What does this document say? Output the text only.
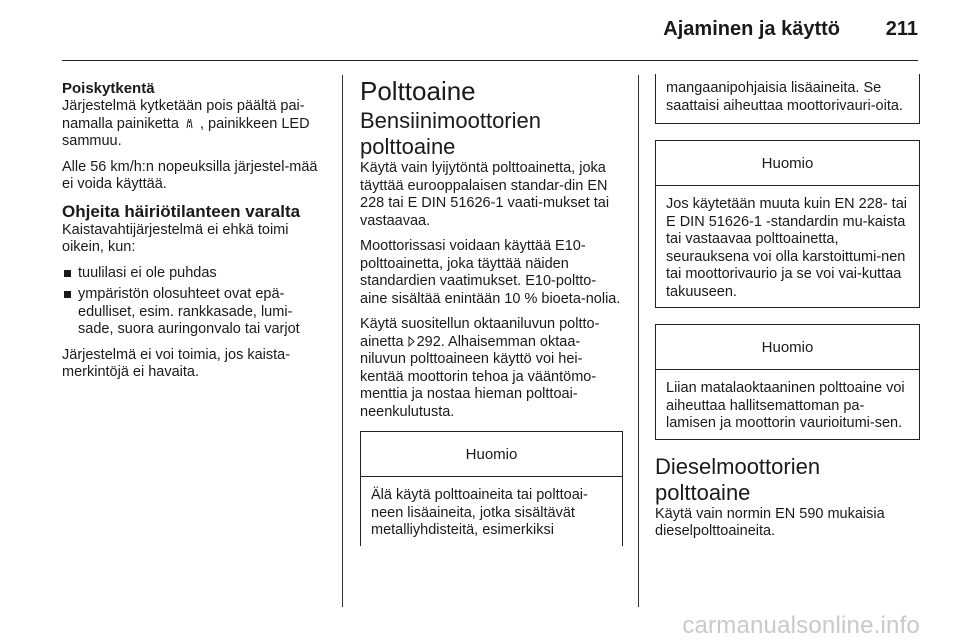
Ajaminen ja käyttö 211
Poiskytkentä

Järjestelmä kytketään pois päältä pai-namalla painiketta , painikkeen LED sammuu.

Alle 56 km/h:n nopeuksilla järjestel-mää ei voida käyttää.

Ohjeita häiriötilanteen varalta

Kaistavahtijärjestelmä ei ehkä toimi oikein, kun:

tuulilasi ei ole puhdas
ympäristön olosuhteet ovat epä-edulliset, esim. rankkasade, lumi-sade, suora auringonvalo tai varjot

Järjestelmä ei voi toimia, jos kaista-merkintöjä ei havaita.

Polttoaine
Bensiinimoottorien polttoaine

Käytä vain lyijytöntä polttoainetta, joka täyttää eurooppalaisen standar-din EN 228 tai E DIN 51626-1 vaati-mukset tai vastaavaa.

Moottorissasi voidaan käyttää E10-polttoainetta, joka täyttää näiden standardien vaatimukset. E10-poltto-aine sisältää enintään 10 % bioeta-nolia.

Käytä suositellun oktaaniluvun poltto-ainetta 292. Alhaisemman oktaa-niluvun polttoaineen käyttö voi hei-kentää moottorin tehoa ja vääntömo-menttia ja nostaa hieman polttoai-neenkulutusta.

Huomio

Älä käytä polttoaineita tai polttoai-neen lisäaineita, jotka sisältävät metalliyhdisteitä, esimerkiksi

mangaanipohjaisia lisäaineita. Se saattaisi aiheuttaa moottorivauri-oita.

Huomio

Jos käytetään muuta kuin EN 228- tai E DIN 51626-1 -standardin mu-kaista tai vastaavaa polttoainetta, seurauksena voi olla karstoittumi-nen tai moottorivaurio ja se voi vai-kuttaa takuuseen.

Huomio

Liian matalaoktaaninen polttoaine voi aiheuttaa hallitsemattoman pa-lamisen ja moottorin vaurioitumi-sen.

Dieselmoottorien polttoaine

Käytä vain normin EN 590 mukaisia dieselpolttoaineita.

carmanualsonline.info
